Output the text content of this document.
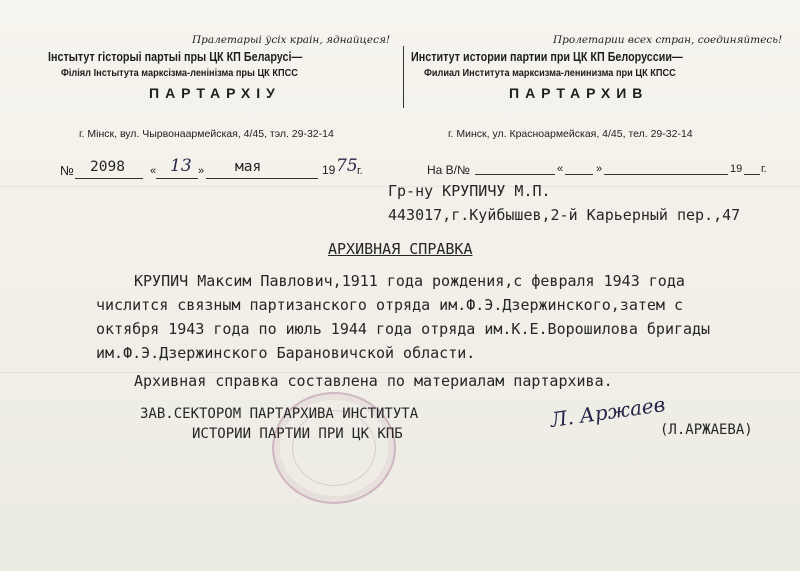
Пралетарыі ўсіх краін, яднайцеся!
Інстытут гісторыі партыі пры ЦК КП Беларусі—
Філіял Інстытута марксізма-ленінізма пры ЦК КПСС
ПАРТАРХІУ
г. Мінск, вул. Чырвонаармейская, 4/45, тэл. 29-32-14
Пролетарии всех стран, соединяйтесь!
Институт истории партии при ЦК КП Белоруссии—
Филиал Института марксизма-ленинизма при ЦК КПСС
ПАРТАРХИВ
г. Минск, ул. Красноармейская, 4/45, тел. 29-32-14
№ 2098 « 13 » мая	19 75 г.	На В/№	«	»	19 г.
Гр-ну КРУПИЧУ М.П.
443017,г.Куйбышев,2-й Карьерный пер.,47
АРХИВНАЯ СПРАВКА
КРУПИЧ Максим Павлович,1911 года рождения,с февраля 1943 года
числится связным партизанского отряда им.Ф.Э.Дзержинского,затем с
октября 1943 года по июль 1944 года отряда им.К.Е.Ворошилова бригады
им.Ф.Э.Дзержинского Барановичской области.
Архивная справка составлена по материалам партархива.
ЗАВ.СЕКТОРОМ ПАРТАРХИВА ИНСТИТУТА
ИСТОРИИ ПАРТИИ ПРИ ЦК КПБ
Л. Аржаев
(Л.АРЖАЕВА)
